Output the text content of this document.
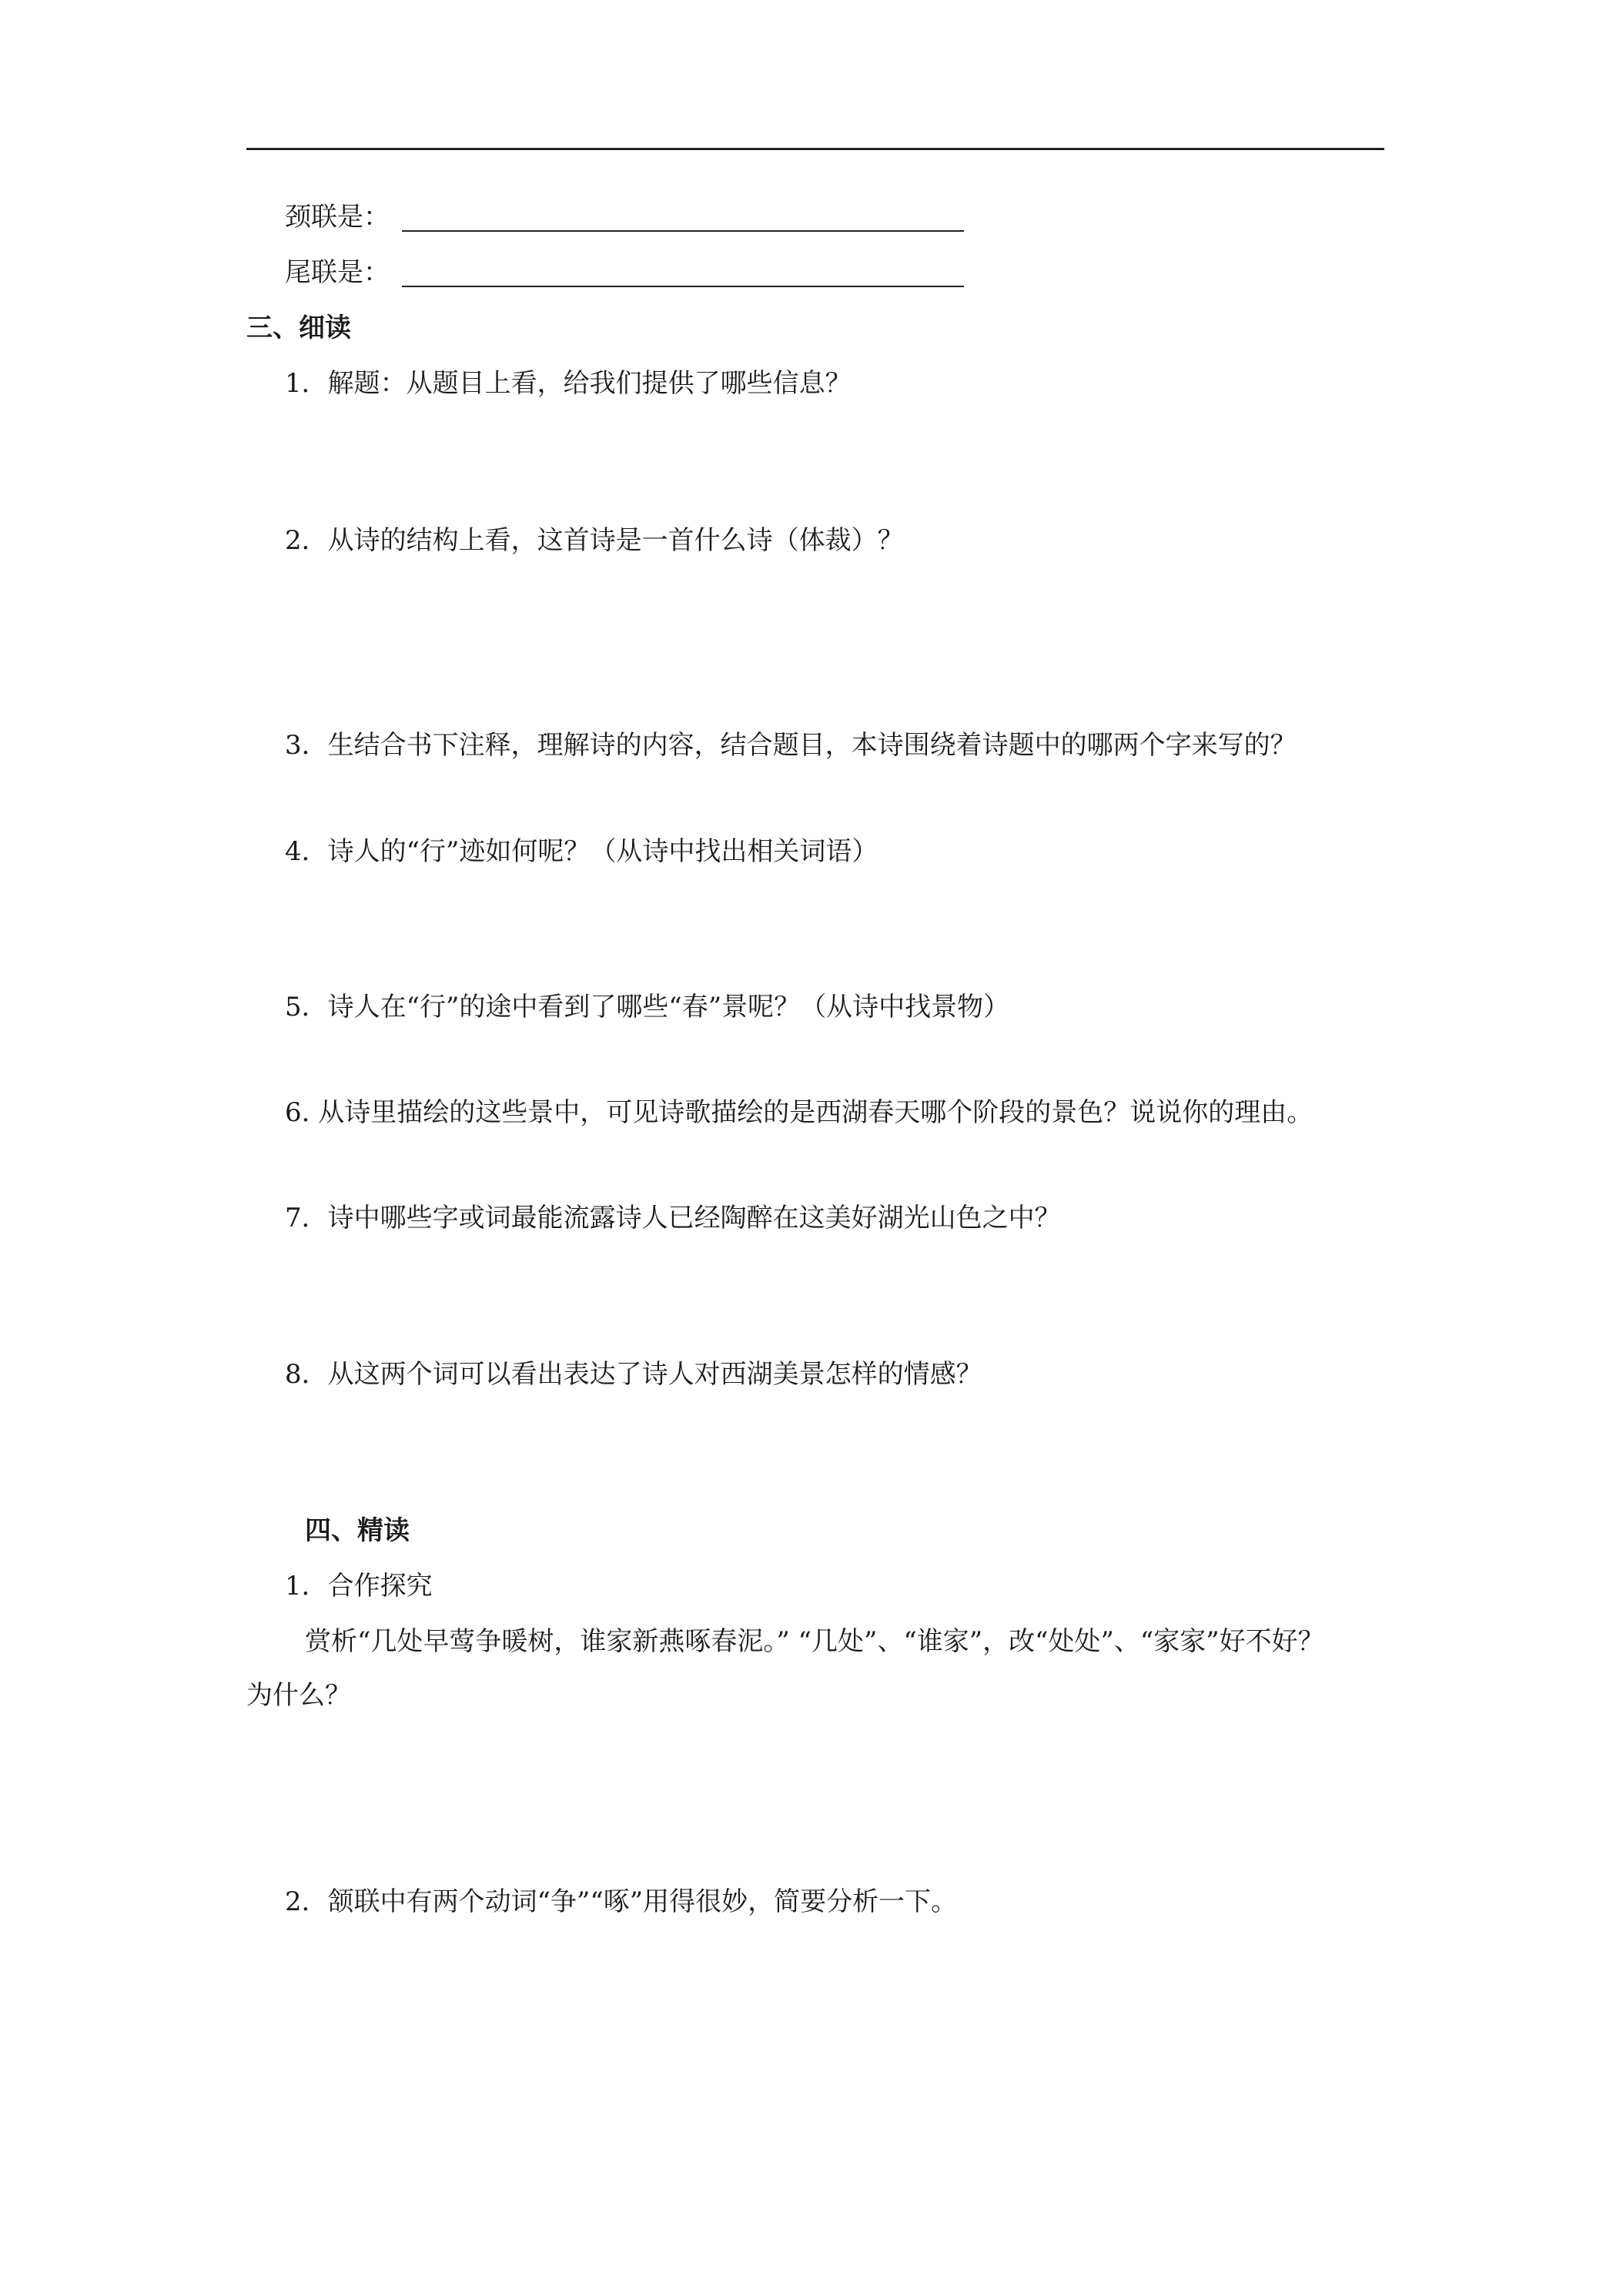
颈联是：
尾联是：
三、细读
1．解题：从题目上看，给我们提供了哪些信息？
2．从诗的结构上看，这首诗是一首什么诗（体裁）？
3．生结合书下注释，理解诗的内容，结合题目，本诗围绕着诗题中的哪两个字来写的？
4．诗人的“行”迹如何呢？（从诗中找出相关词语）
5．诗人在“行”的途中看到了哪些“春”景呢？（从诗中找景物）
6. 从诗里描绘的这些景中，可见诗歌描绘的是西湖春天哪个阶段的景色？说说你的理由。
7．诗中哪些字或词最能流露诗人已经陶醉在这美好湖光山色之中？
8．从这两个词可以看出表达了诗人对西湖美景怎样的情感？
四、精读
1．合作探究
赏析“几处早莺争暖树，谁家新燕啄春泥。” “几处”、“谁家”，改“处处”、“家家”好不好？
为什么？
2．颔联中有两个动词“争”“啄”用得很妙，简要分析一下。
